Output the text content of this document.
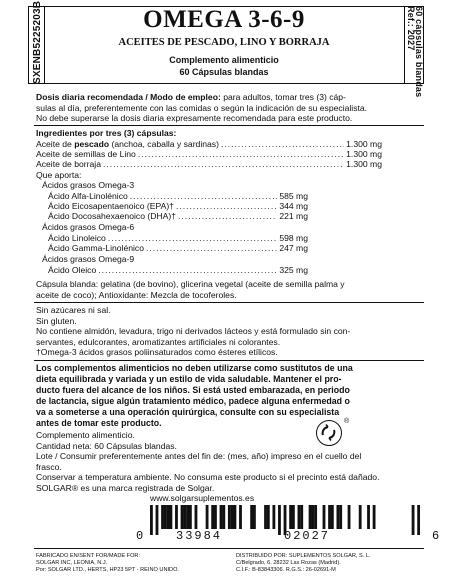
SXENB5225203B	Ref.: 2027
60 cápsulas blandas
OMEGA 3-6-9
ACEITES DE PESCADO, LINO Y BORRAJA
Complemento alimenticio
60 Cápsulas blandas
Dosis diaria recomendada / Modo de empleo: para adultos, tomar tres (3) cáp-
sulas al día, preferentemente con las comidas o según la indicación de su especialista.
No debe superarse la dosis diaria expresamente recomendada para este producto.
Ingredientes por tres (3) cápsulas:
Aceite de pescado (anchoa, caballa y sardinas) .....	1.300 mg
Aceite de semillas de Lino .....	1.300 mg
Aceite de borraja .....	1.300 mg
Que aporta:
Ácidos grasos Omega-3
Ácido Alfa-Linolénico .....	585 mg
Ácido Eicosapentaenoico (EPA)† .....	344 mg
Ácido Docosahexaenoico (DHA)† .....	221 mg
Ácidos grasos Omega-6
Ácido Linoleico .....	598 mg
Ácido Gamma-Linolénico .....	247 mg
Ácidos grasos Omega-9
Ácido Oleico .....	325 mg
Cápsula blanda: gelatina (de bovino), glicerina vegetal (aceite de semilla palma y
aceite de coco); Antioxidante: Mezcla de tocoferoles.
Sin azúcares ni sal.
Sin gluten.
No contiene almidón, levadura, trigo ni derivados lácteos y está formulado sin con-
servantes, edulcorantes, aromatizantes artificiales ni colorantes.
†Omega-3 ácidos grasos poliinsaturados como ésteres etílicos.
Los complementos alimenticios no deben utilizarse como sustitutos de una
dieta equilibrada y variada y un estilo de vida saludable. Mantener el pro-
ducto fuera del alcance de los niños. Si está usted embarazada, en periodo
de lactancia, sigue algún tratamiento médico, padece alguna enfermedad o
va a someterse a una operación quirúrgica, consulte con su especialista
antes de tomar este producto.
Complemento alimenticio.
Cantidad neta: 60 Cápsulas blandas.
Lote / Consumir preferentemente antes del fin de: (mes, año) impreso en el cuello del
frasco.
Conservar a temperatura ambiente. No consuma este producto si el precinto está dañado.
SOLGAR® es una marca registrada de Solgar.
®
www.solgarsuplementos.es
0	33984	02027	6
FABRICADO EN/SENT FOR/MADE FOR:
SOLGAR INC, LEONIA, N.J.
Por: SOLGAR LTD., HERTS, HP23 5PT - REINO UNIDO.
DISTRIBUIDO POR: SUPLEMENTOS SOLGAR, S. L.
C/Belgrado, 6. 28232 Las Rozas (Madrid).
C.I.F.: B-83843306. R.G.S.: 26-02691-M
